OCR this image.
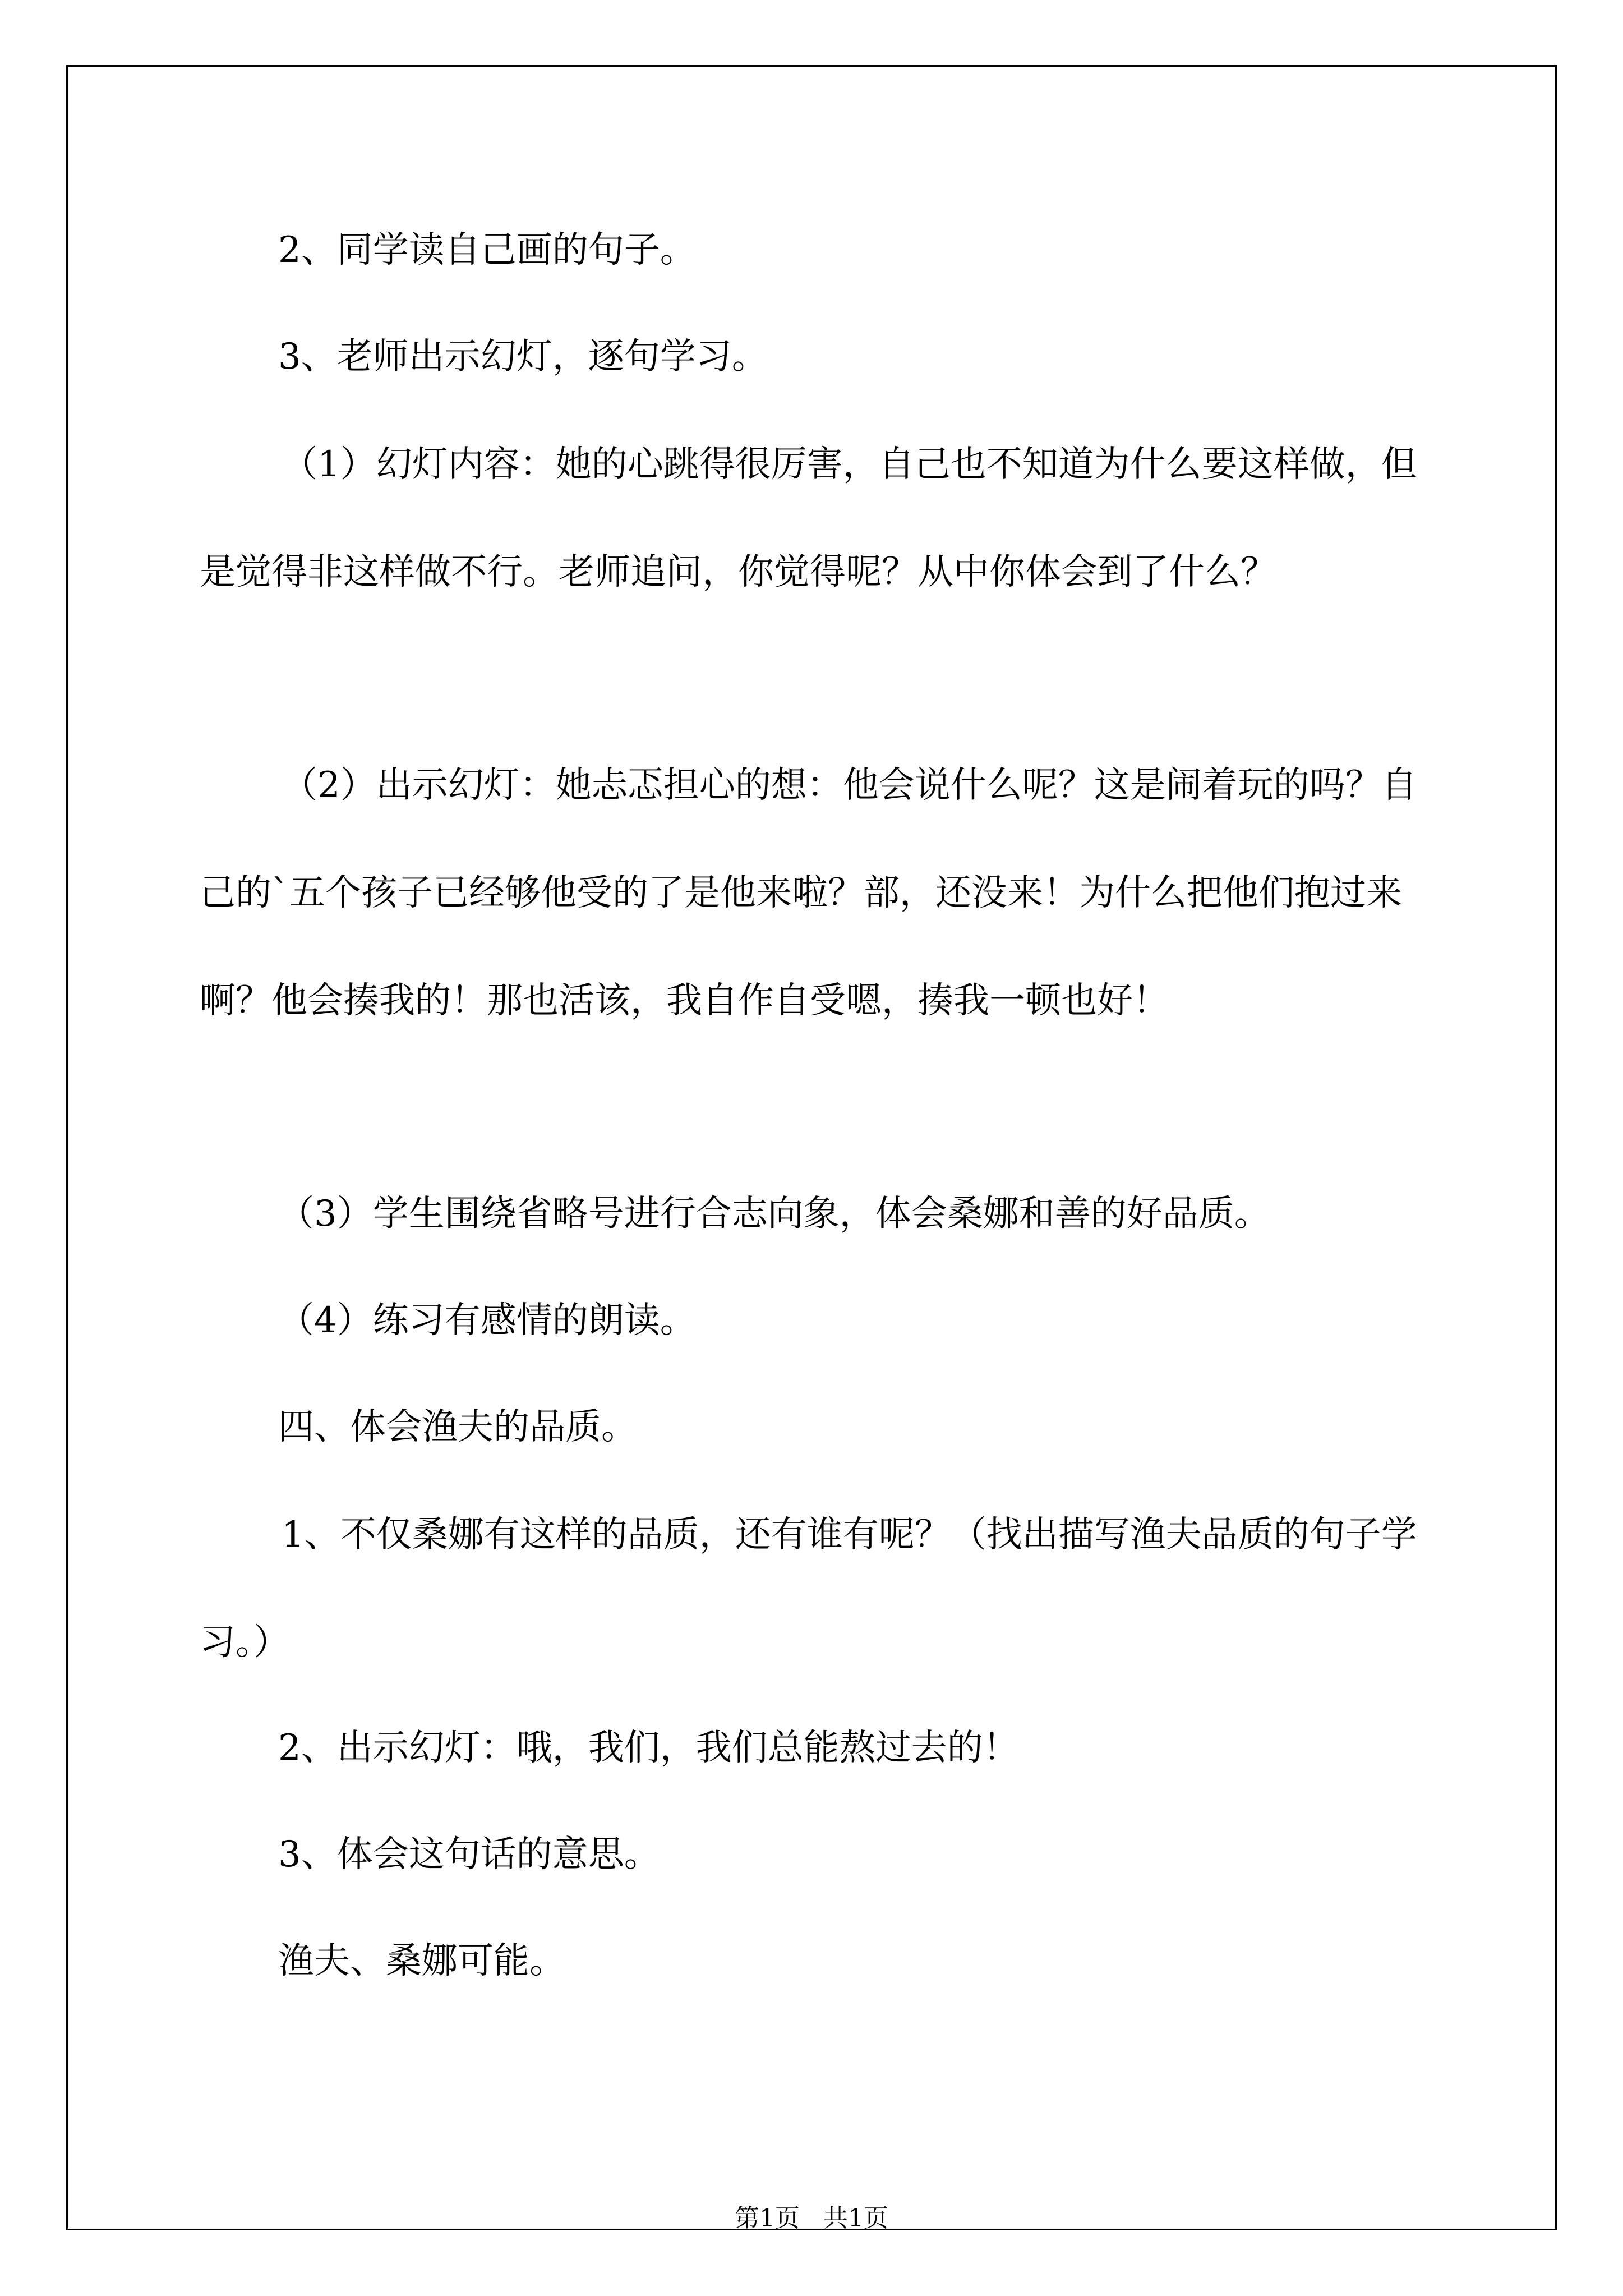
2、同学读自己画的句子。

3、老师出示幻灯，逐句学习。

（1）幻灯内容：她的心跳得很厉害，自己也不知道为什么要这样做，但是觉得非这样做不行。老师追问，你觉得呢？从中你体会到了什么？

（2）出示幻灯：她忐忑担心的想：他会说什么呢？这是闹着玩的吗？自己的`五个孩子已经够他受的了是他来啦？部，还没来！为什么把他们抱过来啊？他会揍我的！那也活该，我自作自受嗯，揍我一顿也好！

（3）学生围绕省略号进行合志向象，体会桑娜和善的好品质。

（4）练习有感情的朗读。

四、体会渔夫的品质。

1、不仅桑娜有这样的品质，还有谁有呢？（找出描写渔夫品质的句子学习。）

2、出示幻灯：哦，我们，我们总能熬过去的！

3、体会这句话的意思。

渔夫、桑娜可能。

第1页   共1页
